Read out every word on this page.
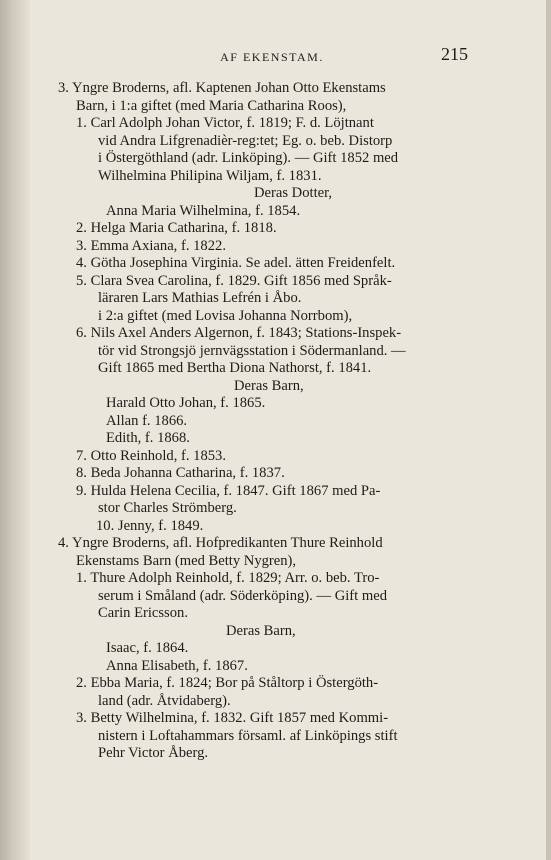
AF EKENSTAM.	215
3. Yngre Broderns, afl. Kaptenen Johan Otto Ekenstams
Barn, i 1:a giftet (med Maria Catharina Roos),
1. Carl Adolph Johan Victor, f. 1819; F. d. Löjtnant
vid Andra Lifgrenadièr-reg:tet; Eg. o. beb. Distorp
i Östergöthland (adr. Linköping). — Gift 1852 med
Wilhelmina Philipina Wiljam, f. 1831.
Deras Dotter,
Anna Maria Wilhelmina, f. 1854.
2. Helga Maria Catharina, f. 1818.
3. Emma Axiana, f. 1822.
4. Götha Josephina Virginia. Se adel. ätten Freidenfelt.
5. Clara Svea Carolina, f. 1829. Gift 1856 med Språk-
läraren Lars Mathias Lefrén i Åbo.
i 2:a giftet (med Lovisa Johanna Norrbom),
6. Nils Axel Anders Algernon, f. 1843; Stations-Inspek-
tör vid Strongsjö jernvägsstation i Södermanland. —
Gift 1865 med Bertha Diona Nathorst, f. 1841.
Deras Barn,
Harald Otto Johan, f. 1865.
Allan f. 1866.
Edith, f. 1868.
7. Otto Reinhold, f. 1853.
8. Beda Johanna Catharina, f. 1837.
9. Hulda Helena Cecilia, f. 1847. Gift 1867 med Pa-
stor Charles Strömberg.
10. Jenny, f. 1849.
4. Yngre Broderns, afl. Hofpredikanten Thure Reinhold
Ekenstams Barn (med Betty Nygren),
1. Thure Adolph Reinhold, f. 1829; Arr. o. beb. Tro-
serum i Småland (adr. Söderköping). — Gift med
Carin Ericsson.
Deras Barn,
Isaac, f. 1864.
Anna Elisabeth, f. 1867.
2. Ebba Maria, f. 1824; Bor på Ståltorp i Östergöth-
land (adr. Åtvidaberg).
3. Betty Wilhelmina, f. 1832. Gift 1857 med Kommi-
nistern i Loftahammars församl. af Linköpings stift
Pehr Victor Åberg.
